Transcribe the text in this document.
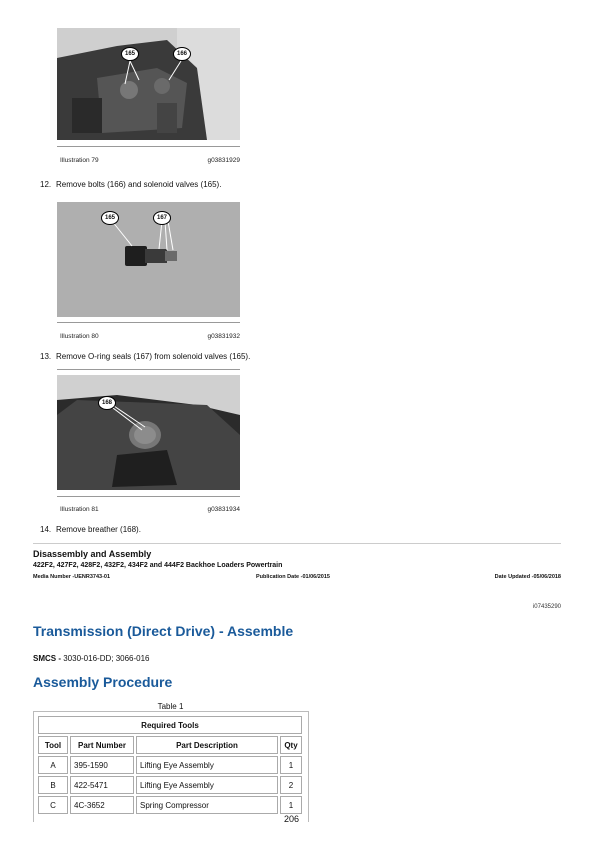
165	166
Illustration 79	g03831929
12. Remove bolts (166) and solenoid valves (165).
165	167
Illustration 80	g03831932
13. Remove O-ring seals (167) from solenoid valves (165).
168
Illustration 81	g03831934
14. Remove breather (168).
Disassembly and Assembly
422F2, 427F2, 428F2, 432F2, 434F2 and 444F2 Backhoe Loaders Powertrain
Media Number -UENR3743-01	Publication Date -01/06/2015	Date Updated -05/06/2018
i07435290
Transmission (Direct Drive) - Assemble
SMCS - 3030-016-DD; 3066-016
Assembly Procedure
Table 1
Required Tools			
Tool	Part Number	Part Description	Qty
A	395-1590	Lifting Eye Assembly	1
B	422-5471	Lifting Eye Assembly	2
C	4C-3652	Spring Compressor	1
206
